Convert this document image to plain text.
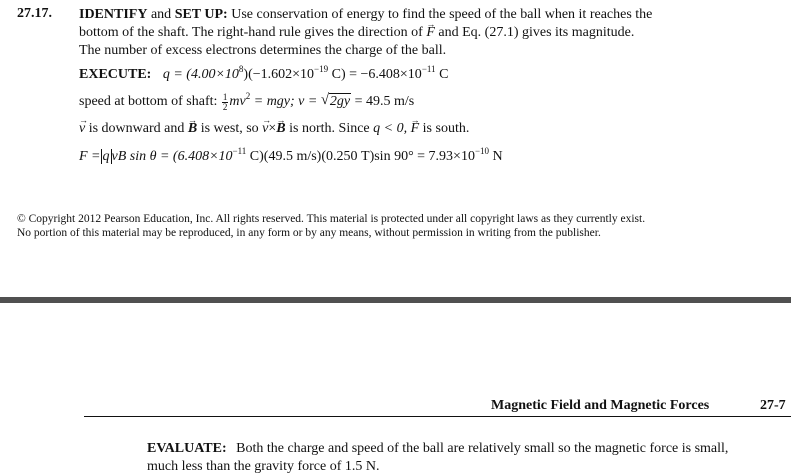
27.17. IDENTIFY and SET UP: Use conservation of energy to find the speed of the ball when it reaches the
bottom of the shaft. The right-hand rule gives the direction of → F and Eq. (27.1) gives its magnitude.
The number of excess electrons determines the charge of the ball.
EXECUTE: $q = (4.00\times 10^8)(-1.602\times 10^{-19}$ $C) = -6.408\times 10^{-11}$ C
speed at bottom of shaft: $\frac{1}{2} mv^2$ = mgy; v = √ 2gy = 49.5 m/s
→ v is downward and → B is west, so → v×→ B is north. Since q < 0, → F is south.
F = q vB $\sin \theta = (6.408\times 10^{-11}$ C)(49.5 m/s)(0.250 T)sin $90^\circ = 7.93\times 10^{-10}$ N
© Copyright 2012 Pearson Education, Inc. All rights reserved. This material is protected under all copyright laws as they currently exist.
No portion of this material may be reproduced, in any form or by any means, without permission in writing from the publisher.
Magnetic Field and Magnetic Forces	27-7
EVALUATE: Both the charge and speed of the ball are relatively small so the magnetic force is small,
much less than the gravity force of 1.5 N.
